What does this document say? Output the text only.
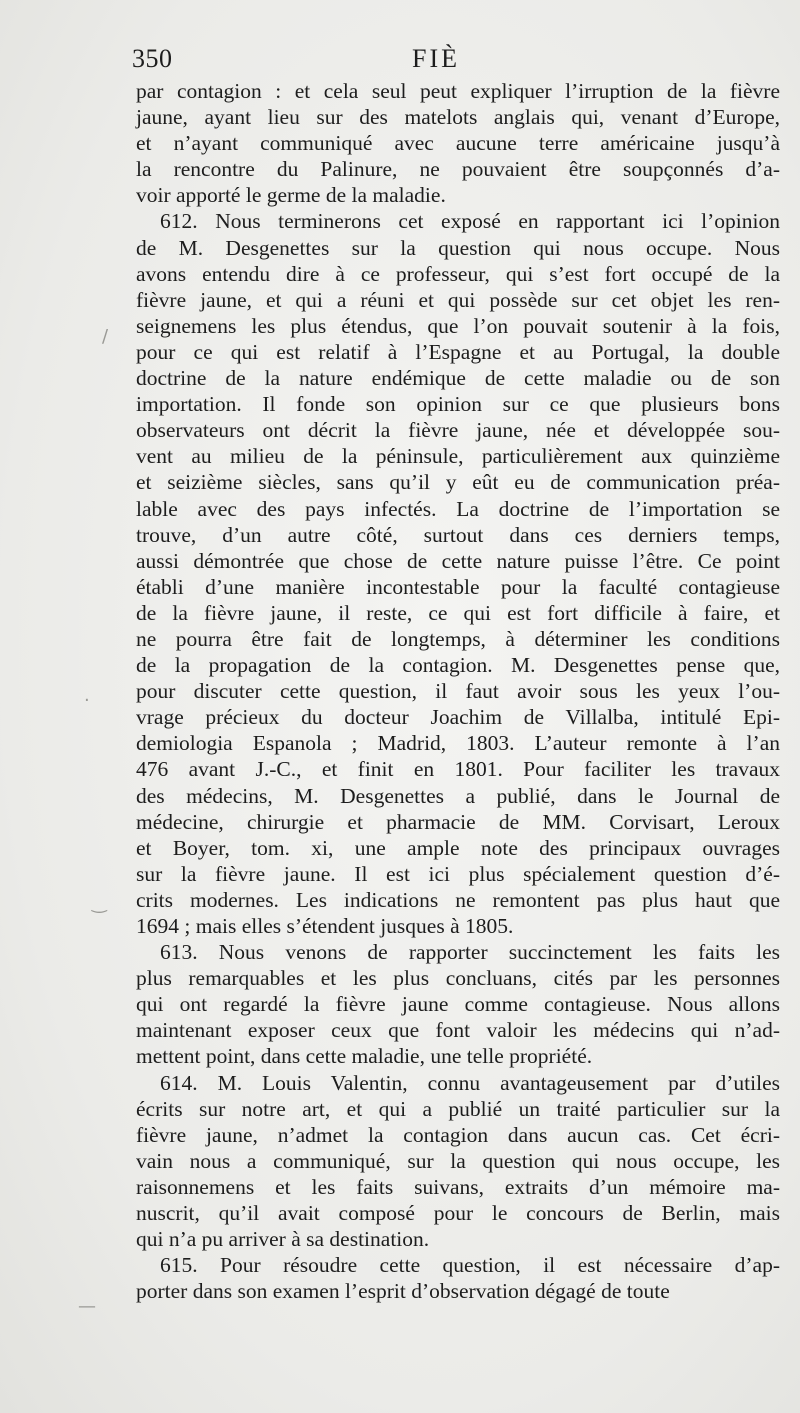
350	FIÈ

par contagion : et cela seul peut expliquer l’irruption de la fièvre
jaune, ayant lieu sur des matelots anglais qui, venant d’Europe,
et n’ayant communiqué avec aucune terre américaine jusqu’à
la rencontre du Palinure, ne pouvaient être soupçonnés d’a-
voir apporté le germe de la maladie.

612. Nous terminerons cet exposé en rapportant ici l’opinion
de M. Desgenettes sur la question qui nous occupe. Nous
avons entendu dire à ce professeur, qui s’est fort occupé de la
fièvre jaune, et qui a réuni et qui possède sur cet objet les ren-
seignemens les plus étendus, que l’on pouvait soutenir à la fois,
pour ce qui est relatif à l’Espagne et au Portugal, la double
doctrine de la nature endémique de cette maladie ou de son
importation. Il fonde son opinion sur ce que plusieurs bons
observateurs ont décrit la fièvre jaune, née et développée sou-
vent au milieu de la péninsule, particulièrement aux quinzième
et seizième siècles, sans qu’il y eût eu de communication préa-
lable avec des pays infectés. La doctrine de l’importation se
trouve, d’un autre côté, surtout dans ces derniers temps,
aussi démontrée que chose de cette nature puisse l’être. Ce point
établi d’une manière incontestable pour la faculté contagieuse
de la fièvre jaune, il reste, ce qui est fort difficile à faire, et
ne pourra être fait de longtemps, à déterminer les conditions
de la propagation de la contagion. M. Desgenettes pense que,
pour discuter cette question, il faut avoir sous les yeux l’ou-
vrage précieux du docteur Joachim de Villalba, intitulé Epi-
demiologia Espanola ; Madrid, 1803. L’auteur remonte à l’an
476 avant J.-C., et finit en 1801. Pour faciliter les travaux
des médecins, M. Desgenettes a publié, dans le Journal de
médecine, chirurgie et pharmacie de MM. Corvisart, Leroux
et Boyer, tom. xi, une ample note des principaux ouvrages
sur la fièvre jaune. Il est ici plus spécialement question d’é-
crits modernes. Les indications ne remontent pas plus haut que
1694 ; mais elles s’étendent jusques à 1805.

613. Nous venons de rapporter succinctement les faits les
plus remarquables et les plus concluans, cités par les personnes
qui ont regardé la fièvre jaune comme contagieuse. Nous allons
maintenant exposer ceux que font valoir les médecins qui n’ad-
mettent point, dans cette maladie, une telle propriété.

614. M. Louis Valentin, connu avantageusement par d’utiles
écrits sur notre art, et qui a publié un traité particulier sur la
fièvre jaune, n’admet la contagion dans aucun cas. Cet écri-
vain nous a communiqué, sur la question qui nous occupe, les
raisonnemens et les faits suivans, extraits d’un mémoire ma-
nuscrit, qu’il avait composé pour le concours de Berlin, mais
qui n’a pu arriver à sa destination.

615. Pour résoudre cette question, il est nécessaire d’ap-
porter dans son examen l’esprit d’observation dégagé de toute

/
·
‿
—
